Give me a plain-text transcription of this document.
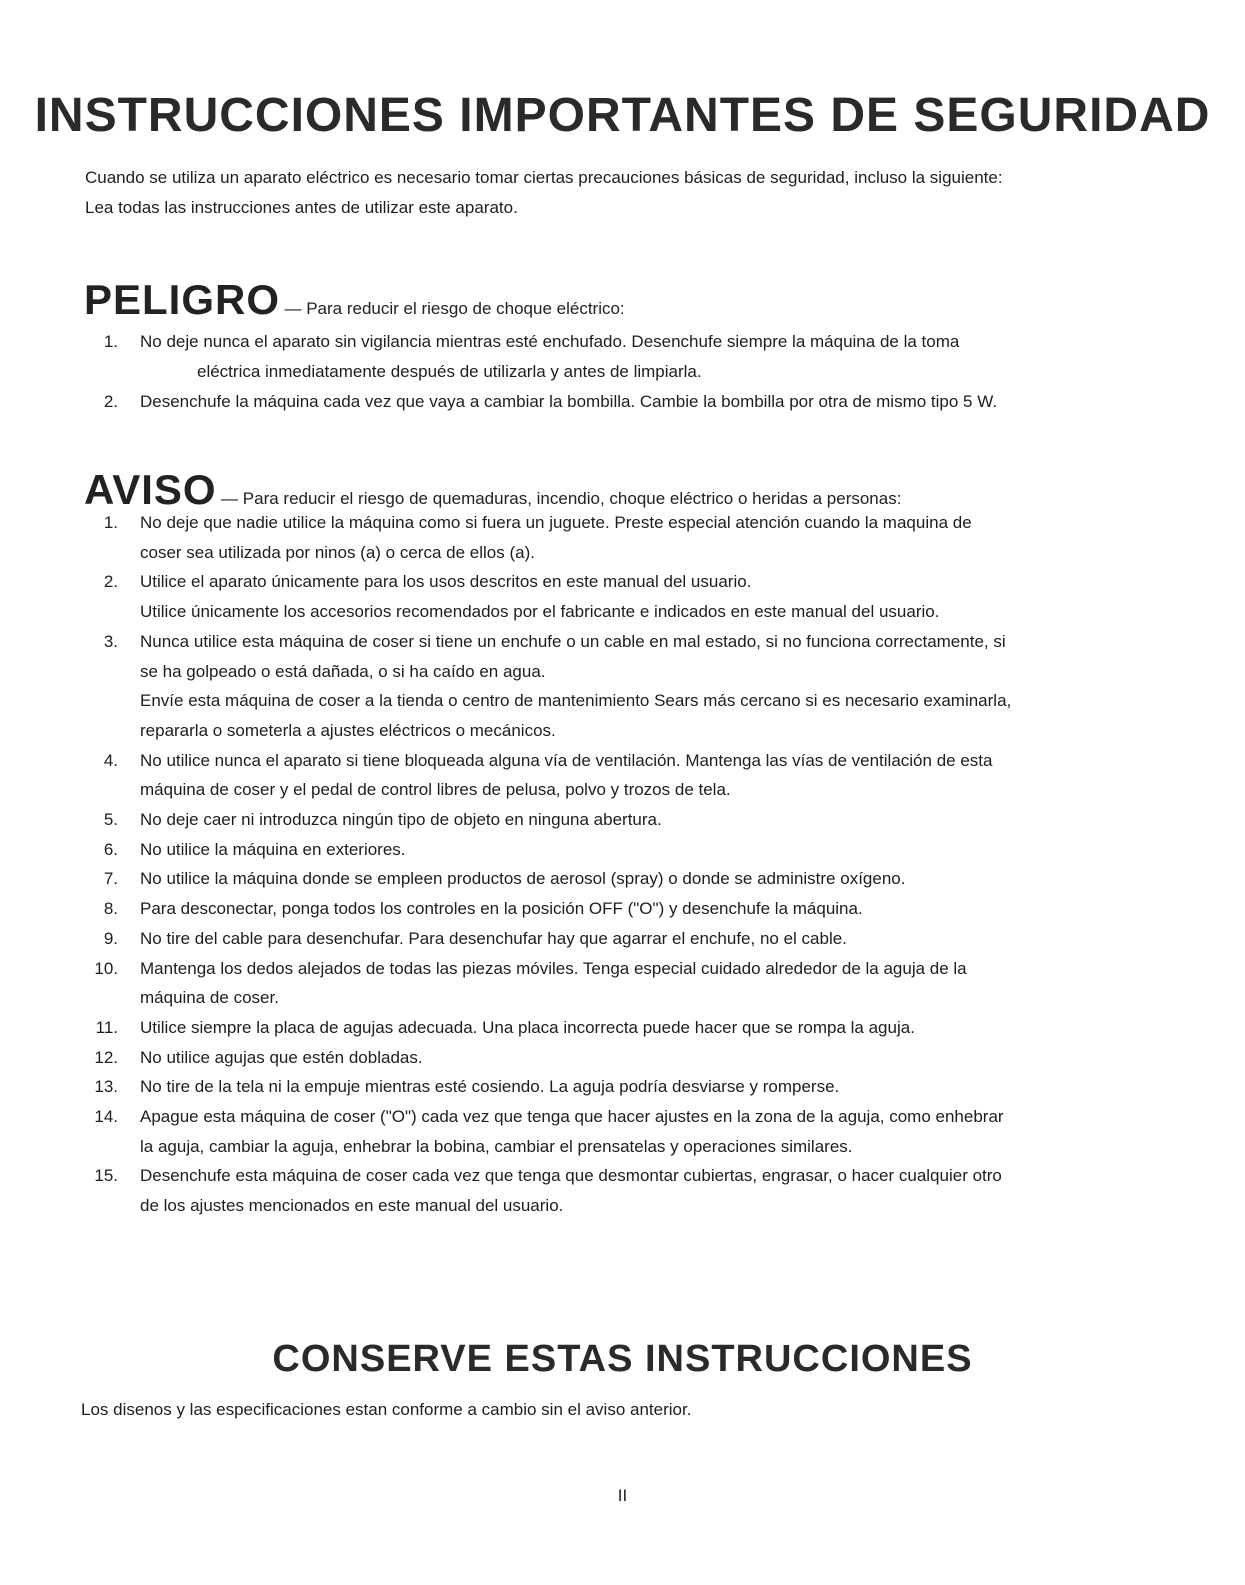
INSTRUCCIONES IMPORTANTES DE SEGURIDAD

Cuando se utiliza un aparato eléctrico es necesario tomar ciertas precauciones básicas de seguridad, incluso la siguiente:

Lea todas las instrucciones antes de utilizar este aparato.

PELIGRO — Para reducir el riesgo de choque eléctrico:
1.	No deje nunca el aparato sin vigilancia mientras esté enchufado. Desenchufe siempre la máquina de la toma
eléctrica inmediatamente después de utilizarla y antes de limpiarla.
2.	Desenchufe la máquina cada vez que vaya a cambiar la bombilla. Cambie la bombilla por otra de mismo tipo 5 W.
AVISO — Para reducir el riesgo de quemaduras, incendio, choque eléctrico o heridas a personas:
1.	No deje que nadie utilice la máquina como si fuera un juguete. Preste especial atención cuando la maquina de
coser sea utilizada por ninos (a) o cerca de ellos (a).
2.	Utilice el aparato únicamente para los usos descritos en este manual del usuario.
Utilice únicamente los accesorios recomendados por el fabricante e indicados en este manual del usuario.
3.	Nunca utilice esta máquina de coser si tiene un enchufe o un cable en mal estado, si no funciona correctamente, si
se ha golpeado o está dañada, o si ha caído en agua.
Envíe esta máquina de coser a la tienda o centro de mantenimiento Sears más cercano si es necesario examinarla,
repararla o someterla a ajustes eléctricos o mecánicos.
4.	No utilice nunca el aparato si tiene bloqueada alguna vía de ventilación. Mantenga las vías de ventilación de esta
máquina de coser y el pedal de control libres de pelusa, polvo y trozos de tela.
5.	No deje caer ni introduzca ningún tipo de objeto en ninguna abertura.
6.	No utilice la máquina en exteriores.
7.	No utilice la máquina donde se empleen productos de aerosol (spray) o donde se administre oxígeno.
8.	Para desconectar, ponga todos los controles en la posición OFF ("O") y desenchufe la máquina.
9.	No tire del cable para desenchufar. Para desenchufar hay que agarrar el enchufe, no el cable.
10.	Mantenga los dedos alejados de todas las piezas móviles. Tenga especial cuidado alrededor de la aguja de la
máquina de coser.
11.	Utilice siempre la placa de agujas adecuada. Una placa incorrecta puede hacer que se rompa la aguja.
12.	No utilice agujas que estén dobladas.
13.	No tire de la tela ni la empuje mientras esté cosiendo. La aguja podría desviarse y romperse.
14.	Apague esta máquina de coser ("O") cada vez que tenga que hacer ajustes en la zona de la aguja, como enhebrar
la aguja, cambiar la aguja, enhebrar la bobina, cambiar el prensatelas y operaciones similares.
15.	Desenchufe esta máquina de coser cada vez que tenga que desmontar cubiertas, engrasar, o hacer cualquier otro
de los ajustes mencionados en este manual del usuario.
CONSERVE ESTAS INSTRUCCIONES

Los disenos y las especificaciones estan conforme a cambio sin el aviso anterior.

II
